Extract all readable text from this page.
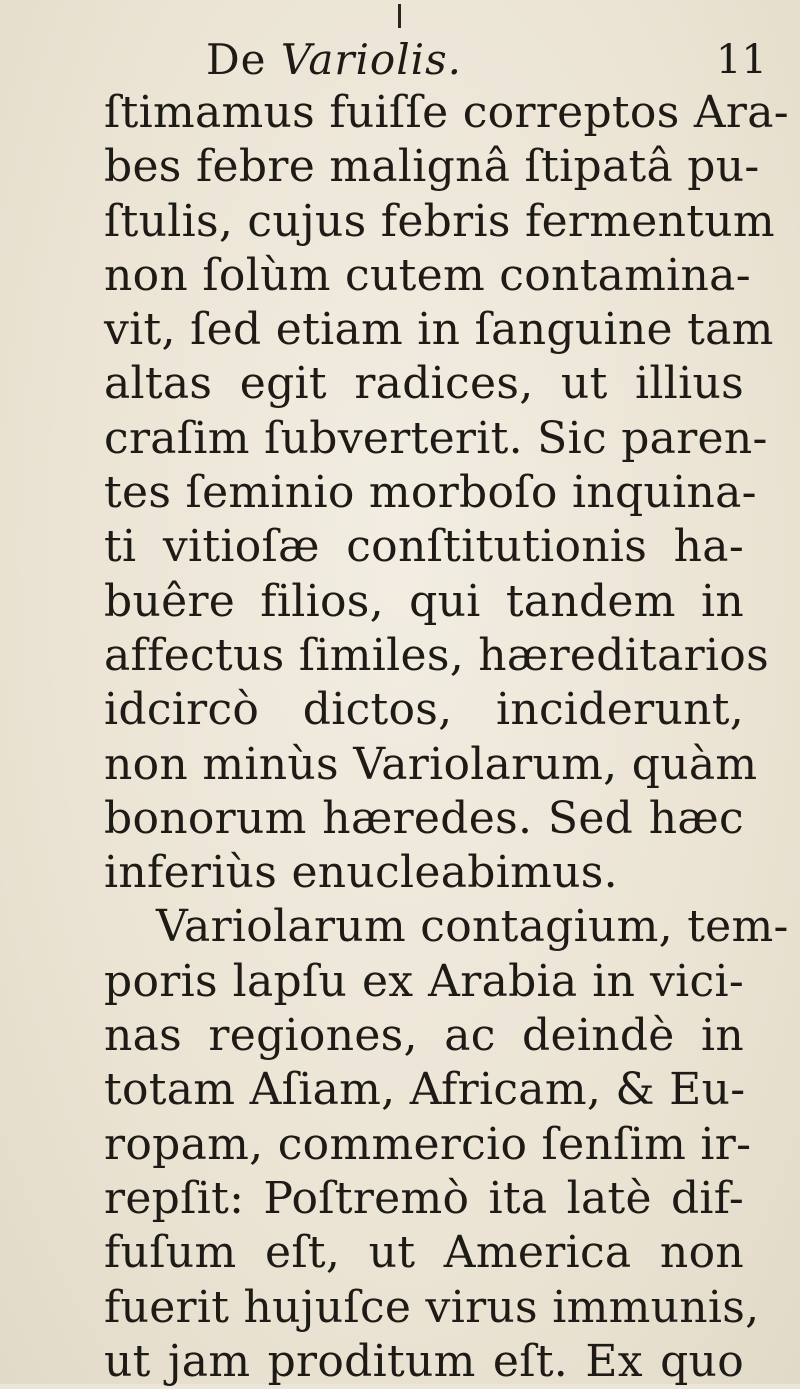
De Variolis.	11
ſtimamus fuiſſe correptos Ara-
bes febre malignâ ſtipatâ pu-
ſtulis, cujus febris fermentum
non ſolùm cutem contamina-
vit, ſed etiam in ſanguine tam
altas egit radices, ut illius
craſim ſubverterit. Sic paren-
tes ſeminio morboſo inquina-
ti vitioſæ conſtitutionis ha-
buêre filios, qui tandem in
affectus ſimiles, hæreditarios
idcircò dictos, inciderunt,
non minùs Variolarum, quàm
bonorum hæredes. Sed hæc
inferiùs enucleabimus.
Variolarum contagium, tem-
poris lapſu ex Arabia in vici-
nas regiones, ac deindè in
totam Aſiam, Africam, & Eu-
ropam, commercio ſenſim ir-
repſit: Poſtremò ita latè dif-
fuſum eſt, ut America non
fuerit hujuſce virus immunis,
ut jam proditum eſt. Ex quo
